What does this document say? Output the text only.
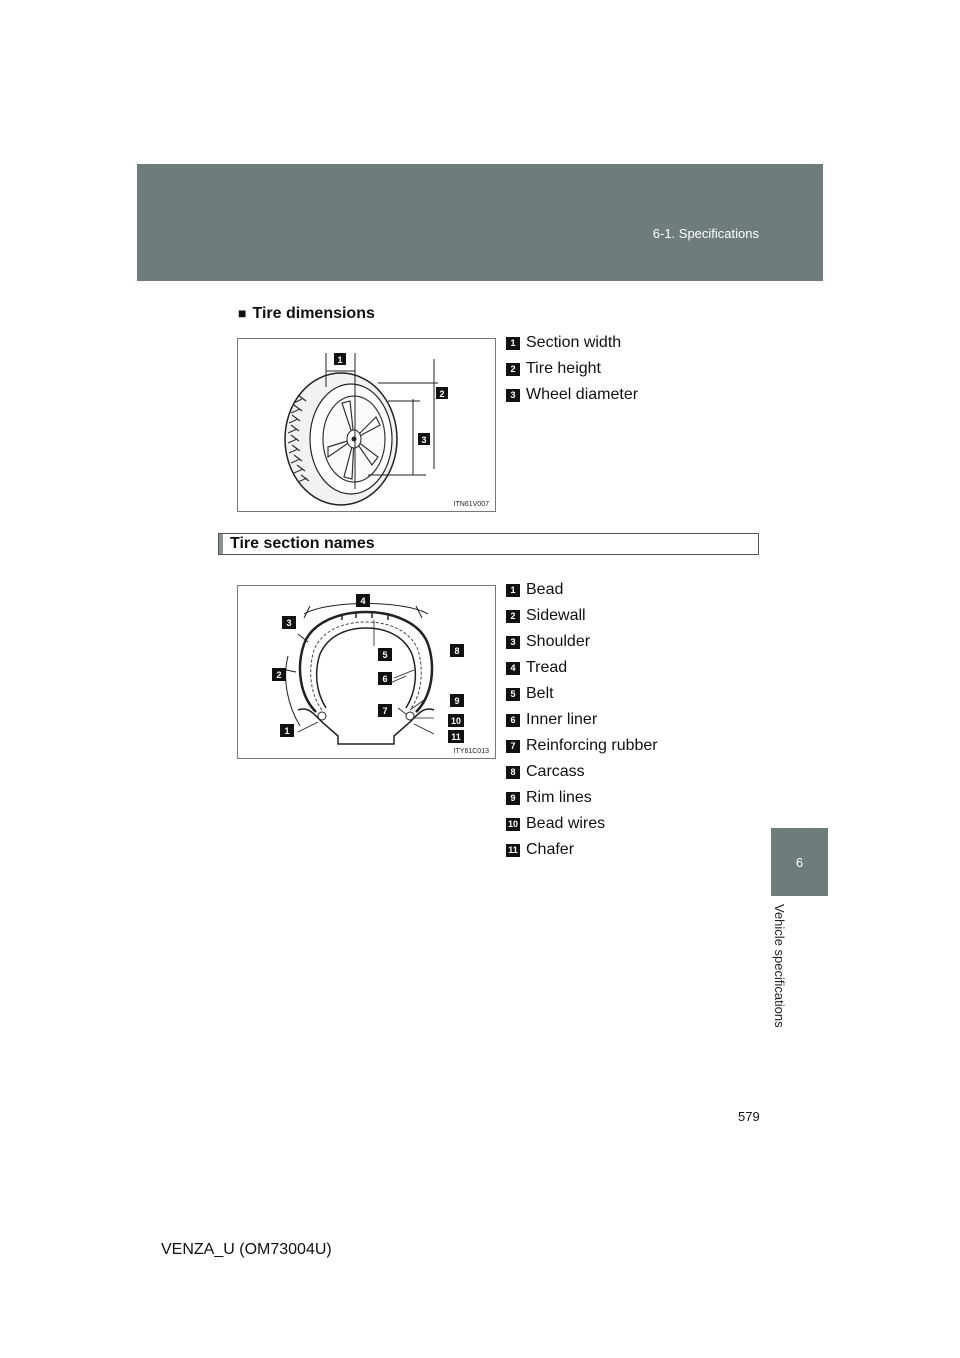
6-1. Specifications
6
Vehicle specifications
■ Tire dimensions
1
2
3
ITN61V007
1 Section width
2 Tire height
3 Wheel diameter
Tire section names
4
3
5	8
2	6
9
7
10
1
11
ITY61C013
1 Bead
2 Sidewall
3 Shoulder
4 Tread
5 Belt
6 Inner liner
7 Reinforcing rubber
8 Carcass
9 Rim lines
10 Bead wires
11 Chafer
579
VENZA_U (OM73004U)
